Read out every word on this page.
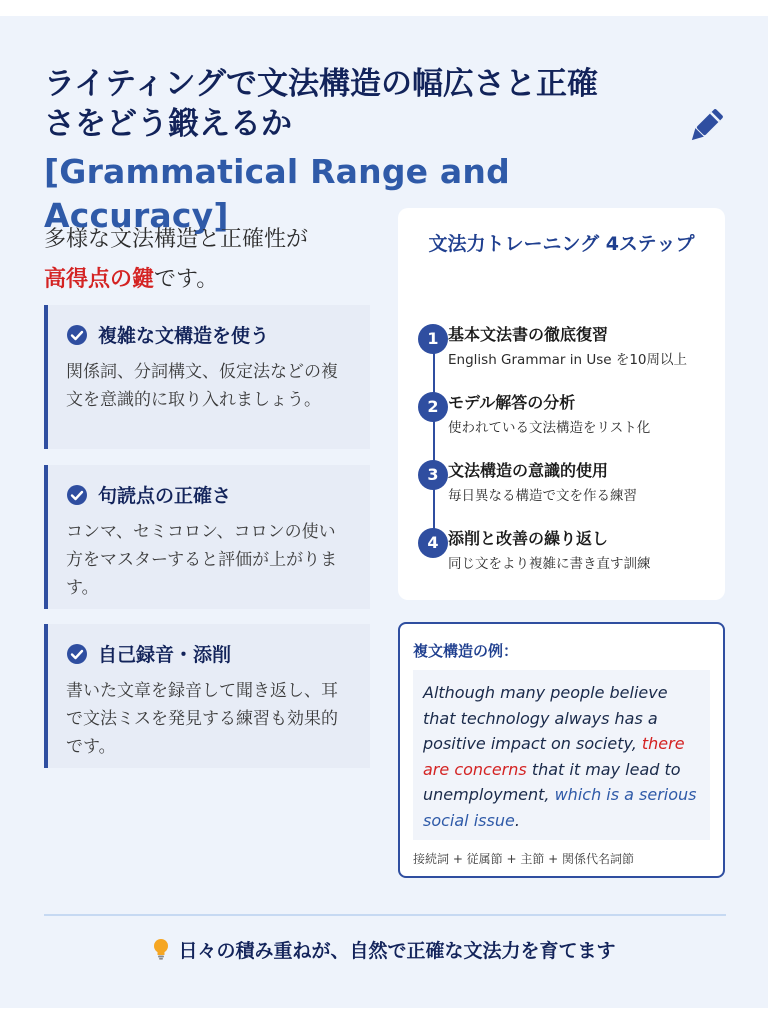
ライティングで文法構造の幅広さと正確
さをどう鍛えるか
[Grammatical Range and Accuracy]
多様な文法構造と正確性が
高得点の鍵です。
複雑な文構造を使う
関係詞、分詞構文、仮定法などの複文を意識的に取り入れましょう。
句読点の正確さ
コンマ、セミコロン、コロンの使い方をマスターすると評価が上がります。
自己録音・添削
書いた文章を録音して聞き返し、耳で文法ミスを発見する練習も効果的です。
文法力トレーニング 4ステップ
1 基本文法書の徹底復習
English Grammar in Use を10周以上
2 モデル解答の分析
使われている文法構造をリスト化
3 文法構造の意識的使用
毎日異なる構造で文を作る練習
4 添削と改善の繰り返し
同じ文をより複雑に書き直す訓練
複文構造の例：
Although many people believe that technology always has a positive impact on society, there are concerns that it may lead to unemployment, which is a serious social issue.
接続詞 + 従属節 + 主節 + 関係代名詞節
日々の積み重ねが、自然で正確な文法力を育てます
